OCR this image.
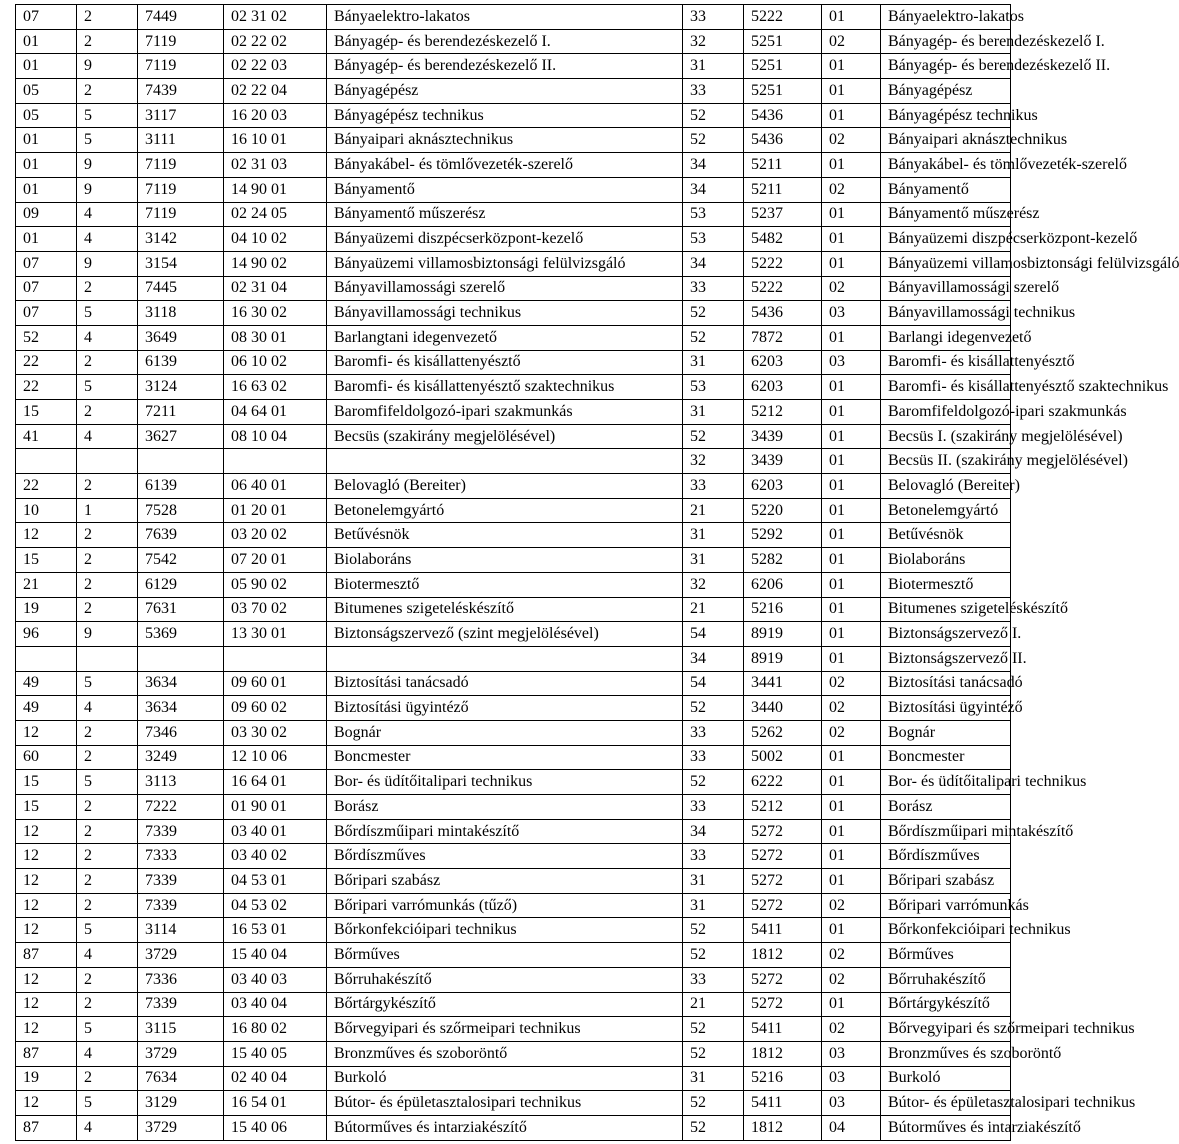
07	2	7449	02 31 02	Bányaelektro-lakatos	33	5222	01	Bányaelektro-lakatos
01	2	7119	02 22 02	Bányagép- és berendezéskezelő I.	32	5251	02	Bányagép- és berendezéskezelő I.
01	9	7119	02 22 03	Bányagép- és berendezéskezelő II.	31	5251	01	Bányagép- és berendezéskezelő II.
05	2	7439	02 22 04	Bányagépész	33	5251	01	Bányagépész
05	5	3117	16 20 03	Bányagépész technikus	52	5436	01	Bányagépész technikus
01	5	3111	16 10 01	Bányaipari aknásztechnikus	52	5436	02	Bányaipari aknásztechnikus
01	9	7119	02 31 03	Bányakábel- és tömlővezeték-szerelő	34	5211	01	Bányakábel- és tömlővezeték-szerelő
01	9	7119	14 90 01	Bányamentő	34	5211	02	Bányamentő
09	4	7119	02 24 05	Bányamentő műszerész	53	5237	01	Bányamentő műszerész
01	4	3142	04 10 02	Bányaüzemi diszpécserközpont-kezelő	53	5482	01	Bányaüzemi diszpécserközpont-kezelő
07	9	3154	14 90 02	Bányaüzemi villamosbiztonsági felülvizsgáló	34	5222	01	Bányaüzemi villamosbiztonsági felülvizsgáló
07	2	7445	02 31 04	Bányavillamossági szerelő	33	5222	02	Bányavillamossági szerelő
07	5	3118	16 30 02	Bányavillamossági technikus	52	5436	03	Bányavillamossági technikus
52	4	3649	08 30 01	Barlangtani idegenvezető	52	7872	01	Barlangi idegenvezető
22	2	6139	06 10 02	Baromfi- és kisállattenyésztő	31	6203	03	Baromfi- és kisállattenyésztő
22	5	3124	16 63 02	Baromfi- és kisállattenyésztő szaktechnikus	53	6203	01	Baromfi- és kisállattenyésztő szaktechnikus
15	2	7211	04 64 01	Baromfifeldolgozó-ipari szakmunkás	31	5212	01	Baromfifeldolgozó-ipari szakmunkás
41	4	3627	08 10 04	Becsüs (szakirány megjelölésével)	52	3439	01	Becsüs I. (szakirány megjelölésével)
					32	3439	01	Becsüs II. (szakirány megjelölésével)
22	2	6139	06 40 01	Belovagló (Bereiter)	33	6203	01	Belovagló (Bereiter)
10	1	7528	01 20 01	Betonelemgyártó	21	5220	01	Betonelemgyártó
12	2	7639	03 20 02	Betűvésnök	31	5292	01	Betűvésnök
15	2	7542	07 20 01	Biolaboráns	31	5282	01	Biolaboráns
21	2	6129	05 90 02	Biotermesztő	32	6206	01	Biotermesztő
19	2	7631	03 70 02	Bitumenes szigeteléskészítő	21	5216	01	Bitumenes szigeteléskészítő
96	9	5369	13 30 01	Biztonságszervező (szint megjelölésével)	54	8919	01	Biztonságszervező I.
					34	8919	01	Biztonságszervező II.
49	5	3634	09 60 01	Biztosítási tanácsadó	54	3441	02	Biztosítási tanácsadó
49	4	3634	09 60 02	Biztosítási ügyintéző	52	3440	02	Biztosítási ügyintéző
12	2	7346	03 30 02	Bognár	33	5262	02	Bognár
60	2	3249	12 10 06	Boncmester	33	5002	01	Boncmester
15	5	3113	16 64 01	Bor- és üdítőitalipari technikus	52	6222	01	Bor- és üdítőitalipari technikus
15	2	7222	01 90 01	Borász	33	5212	01	Borász
12	2	7339	03 40 01	Bőrdíszműipari mintakészítő	34	5272	01	Bőrdíszműipari mintakészítő
12	2	7333	03 40 02	Bőrdíszműves	33	5272	01	Bőrdíszműves
12	2	7339	04 53 01	Bőripari szabász	31	5272	01	Bőripari szabász
12	2	7339	04 53 02	Bőripari varrómunkás (tűző)	31	5272	02	Bőripari varrómunkás
12	5	3114	16 53 01	Bőrkonfekcióipari technikus	52	5411	01	Bőrkonfekcióipari technikus
87	4	3729	15 40 04	Bőrműves	52	1812	02	Bőrműves
12	2	7336	03 40 03	Bőrruhakészítő	33	5272	02	Bőrruhakészítő
12	2	7339	03 40 04	Bőrtárgykészítő	21	5272	01	Bőrtárgykészítő
12	5	3115	16 80 02	Bőrvegyipari és szőrmeipari technikus	52	5411	02	Bőrvegyipari és szőrmeipari technikus
87	4	3729	15 40 05	Bronzműves és szoboröntő	52	1812	03	Bronzműves és szoboröntő
19	2	7634	02 40 04	Burkoló	31	5216	03	Burkoló
12	5	3129	16 54 01	Bútor- és épületasztalosipari technikus	52	5411	03	Bútor- és épületasztalosipari technikus
87	4	3729	15 40 06	Bútorműves és intarziakészítő	52	1812	04	Bútorműves és intarziakészítő
